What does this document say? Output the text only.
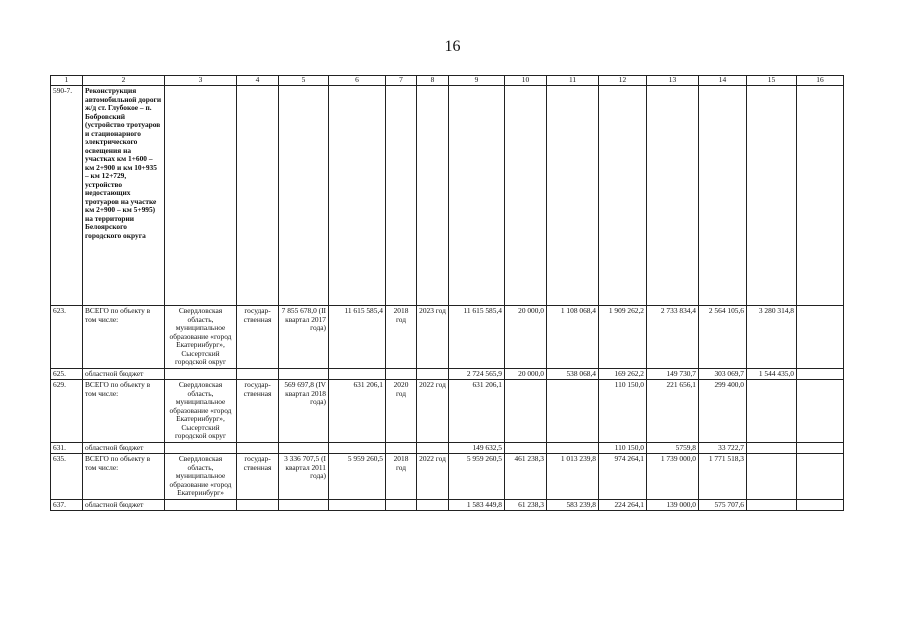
16
1	2	3	4	5	6	7	8	9	10	11	12	13	14	15	16
590-7.	Реконструкция автомобильной дороги ж/д ст. Глубокое – п. Бобровский (устройство тротуаров и стационарного электрического освещения на участках км 1+600 – км 2+900 и км 10+935 – км 12+729, устройство недостающих тротуаров на участке км 2+900 – км 5+995) на территории Белоярского городского округа														
623.	ВСЕГО по объекту в том числе:	Свердловская область, муниципальное образование «город Екатеринбург», Сысертский городской округ	государ-ственная	7 855 678,0 (II квартал 2017 года)	11 615 585,4	2018 год	2023 год	11 615 585,4	20 000,0	1 108 068,4	1 909 262,2	2 733 834,4	2 564 105,6	3 280 314,8	
625.	областной бюджет							2 724 565,9	20 000,0	538 068,4	169 262,2	149 730,7	303 069,7	1 544 435,0	
629.	ВСЕГО по объекту в том числе:	Свердловская область, муниципальное образование «город Екатеринбург», Сысертский городской округ	государ-ственная	569 697,8 (IV квартал 2018 года)	631 206,1	2020 год	2022 год	631 206,1			110 150,0	221 656,1	299 400,0		
631.	областной бюджет							149 632,5			110 150,0	5759,8	33 722,7		
635.	ВСЕГО по объекту в том числе:	Свердловская область, муниципальное образование «город Екатеринбург»	государ-ственная	3 336 707,5 (I квартал 2011 года)	5 959 260,5	2018 год	2022 год	5 959 260,5	461 238,3	1 013 239,8	974 264,1	1 739 000,0	1 771 518,3		
637.	областной бюджет							1 583 449,8	61 238,3	583 239,8	224 264,1	139 000,0	575 707,6		
